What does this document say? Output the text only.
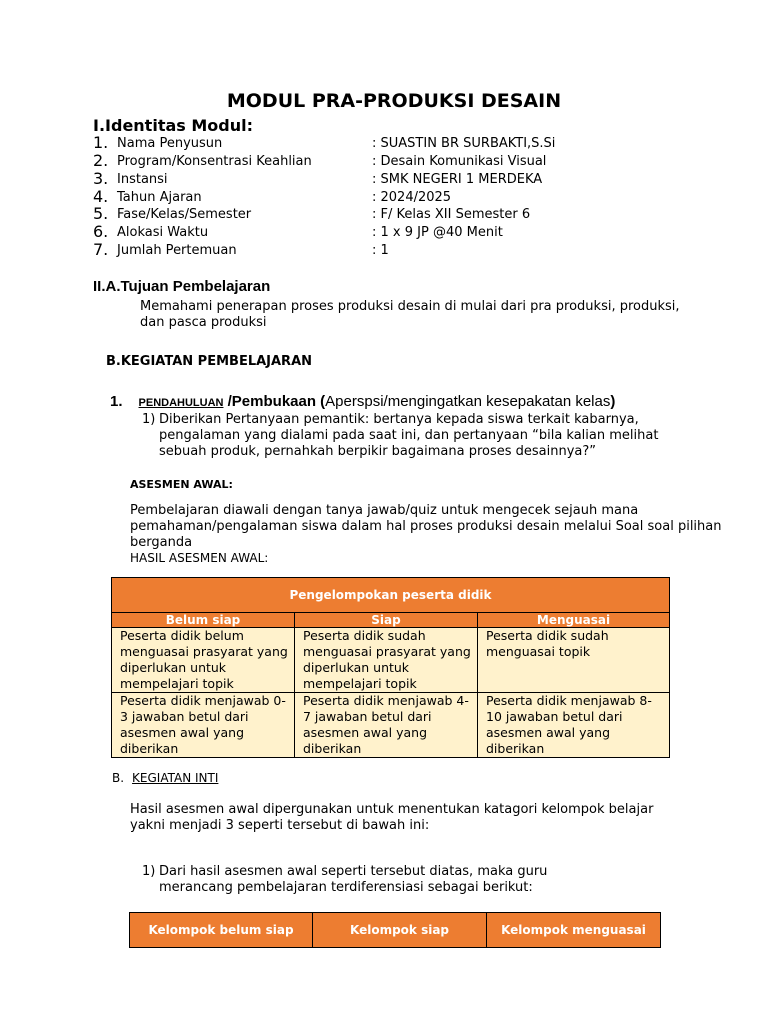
MODUL PRA-PRODUKSI DESAIN
I.Identitas Modul:
1. Nama Penyusun	: SUASTIN BR SURBAKTI,S.Si
2. Program/Konsentrasi Keahlian	: Desain Komunikasi Visual
3. Instansi	: SMK NEGERI 1 MERDEKA
4. Tahun Ajaran	: 2024/2025
5. Fase/Kelas/Semester	: F/ Kelas XII Semester 6
6. Alokasi Waktu	: 1 x 9 JP @40 Menit
7. Jumlah Pertemuan	: 1
II.A.Tujuan Pembelajaran
Memahami penerapan proses produksi desain di mulai dari pra produksi, produksi, dan pasca produksi
B.KEGIATAN PEMBELAJARAN
1. PENDAHULUAN /Pembukaan (Aperspsi/mengingatkan kesepakatan kelas)
1) Diberikan Pertanyaan pemantik: bertanya kepada siswa terkait kabarnya, pengalaman yang dialami pada saat ini, dan pertanyaan “bila kalian melihat sebuah produk, pernahkah berpikir bagaimana proses desainnya?”
ASESMEN AWAL:
Pembelajaran diawali dengan tanya jawab/quiz untuk mengecek sejauh mana pemahaman/pengalaman siswa dalam hal proses produksi desain melalui Soal soal pilihan berganda
HASIL ASESMEN AWAL:
Pengelompokan peserta didik		
Belum siap	Siap	Menguasai
Peserta didik belum menguasai prasyarat yang diperlukan untuk mempelajari topik	Peserta didik sudah menguasai prasyarat yang diperlukan untuk mempelajari topik	Peserta didik sudah menguasai topik
Peserta didik menjawab 0-3 jawaban betul dari asesmen awal yang diberikan	Peserta didik menjawab 4-7 jawaban betul dari asesmen awal yang diberikan	Peserta didik menjawab 8-10 jawaban betul dari asesmen awal yang diberikan
B. KEGIATAN INTI
Hasil asesmen awal dipergunakan untuk menentukan katagori kelompok belajar yakni menjadi 3 seperti tersebut di bawah ini:
1) Dari hasil asesmen awal seperti tersebut diatas, maka guru merancang pembelajaran terdiferensiasi sebagai berikut:
Kelompok belum siap	Kelompok siap	Kelompok menguasai
